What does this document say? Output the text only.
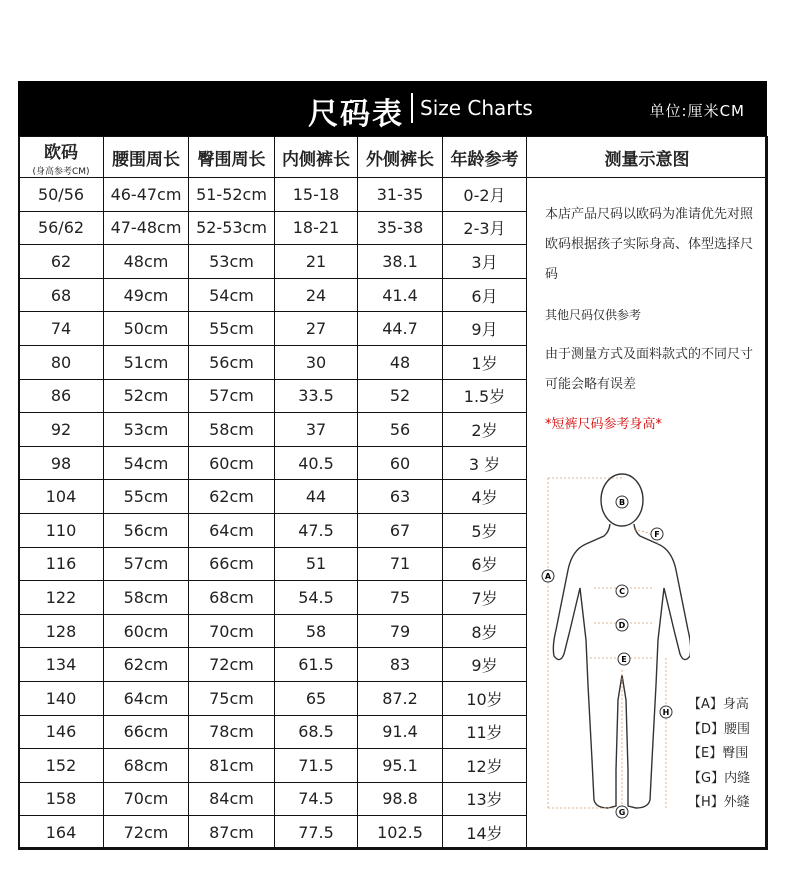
尺码表 Size Charts	单位:厘米CM
欧码
(身高参考CM)	腰围周长	臀围周长	内侧裤长	外侧裤长	年龄参考	测量示意图
50/56	46-47cm	51-52cm	15-18	31-35	0-2月	
56/62	47-48cm	52-53cm	18-21	35-38	2-3月	
62	48cm	53cm	21	38.1	3月	
68	49cm	54cm	24	41.4	6月	
74	50cm	55cm	27	44.7	9月	
80	51cm	56cm	30	48	1岁	
86	52cm	57cm	33.5	52	1.5岁	
92	53cm	58cm	37	56	2岁	
98	54cm	60cm	40.5	60	3 岁	
104	55cm	62cm	44	63	4岁	
110	56cm	64cm	47.5	67	5岁	
116	57cm	66cm	51	71	6岁	
122	58cm	68cm	54.5	75	7岁	
128	60cm	70cm	58	79	8岁	
134	62cm	72cm	61.5	83	9岁	
140	64cm	75cm	65	87.2	10岁	
146	66cm	78cm	68.5	91.4	11岁	
152	68cm	81cm	71.5	95.1	12岁	
158	70cm	84cm	74.5	98.8	13岁	
164	72cm	87cm	77.5	102.5	14岁	

本店产品尺码以欧码为准请优先对照欧码根据孩子实际身高、体型选择尺码

其他尺码仅供参考

由于测量方式及面料款式的不同尺寸可能会略有误差

*短裤尺码参考身高*

A
B
C
D
E
F
G
H
【A】身高
【D】腰围
【E】臀围
【G】内缝
【H】外缝
